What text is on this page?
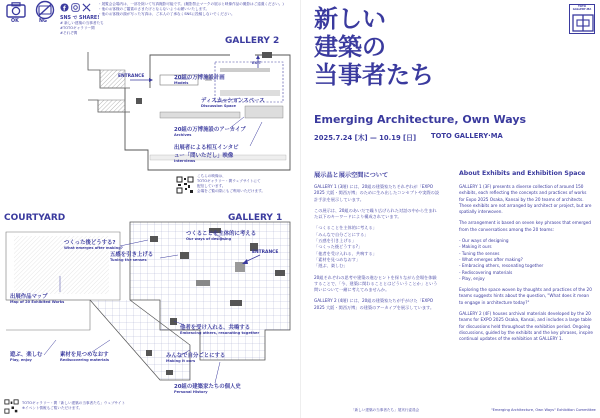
OK	NG
f
SNS で SHARE!
# 新しい建築の当事者たち
#TOTOギャラリー間
#それぞ間
・展覧会会場内は、一部を除いて写真撮影可能です。(撮影禁止マークの展示と映像作品の撮影はご遠慮ください。)
・他のお客様のご鑑賞のさまたげとならないようお願いいたします。
・他のお客様の顔が写った写真は、ご本人の了承なくSNSに投稿しないでください。
GALLERY 2
EXIT
ENTRANCE	20組の万博施設計画
Models
ディスカッションスペース
Discussion Space
20組の万博施設のアーカイブ
Archives
出展者による相互インタビュー「問いただし」映像
Interviews
こちらの映像は、
TOTOギャラリー・間ウェブサイトにて
配信しています。
会場をご覧の際にもご利用いただけます。
COURTYARD	GALLERY 1
ENTRANCE
つくった後どうする?
What emerges after making?
五感を引き上げる
Tuning the senses
つくることを主体的に考える
Our ways of designing
出展作品マップ
Map of 20 Exhibited Works
他者を受け入れる、共鳴する
Embracing others, resonating together
遊ぶ、楽しむ
Play, enjoy
素材を見つめなおす
Rediscovering materials
みんなで自分ごとにする
Making it ours
20組の建築家たちの個人史
Personal History
TOTOギャラリー・間「新しい建築の当事者たち」ウェブサイト
※イベント情報もご覧いただけます。
TOTO GALLERY·MA
新しい
建築の
当事者たち
Emerging Architecture, Own Ways
2025.7.24 [木] — 10.19 [日] TOTO GALLERY·MA
展示品と展示空間について
GALLERY 1 (3階) には、20組の建築家たちそれぞれが「EXPO 2025 大阪・関西万博」のために生み出したコンセプトや実際の設計手法を展示しています。
この展示は、20組のあいだで繰り広げられた対話の中から生まれた以下のキーワードにより構成されています。
「つくることを主体的に考える」
「みんなで自分ごとにする」
「五感を引き上げる」
「つくった後どうする?」
「他者を受け入れる、共鳴する」
「素材を見つめなおす」
「遊ぶ、楽しむ」
20組それぞれの思考や建築の進むヒントを探りながら会場を体験することで、「今、建築に関わることとはどういうことか」という問いについて一緒に考えてみませんか。
GALLERY 2 (4階) には、20組の建築家たちが手がけた「EXPO 2025 大阪・関西万博」の建築のアーカイブを展示しています。
About Exhibits and Exhibition Space
GALLERY 1 (3F) presents a diverse collection of around 150 exhibits, each reflecting the concepts and practices of works for Expo 2025 Osaka, Kansai by the 20 teams of architects. These exhibits are not arranged by architect or project, but are spatially interwoven.
The arrangement is based on seven key phrases that emerged from the conversations among the 20 teams:
- Our ways of designing
- Making it ours
- Tuning the senses
- What emerges after making?
- Embracing others, resonating together
- Rediscovering materials
- Play, enjoy
Exploring the space woven by thoughts and practices of the 20 teams suggests hints about the question, "What does it mean to engage in architecture today?"
GALLERY 2 (4F) houses archival materials developed by the 20 teams for EXPO 2025 Osaka, Kansai, and includes a large table for discussions held throughout the exhibition period. Ongoing discussions, guided by the exhibits and the key phrases, inspire continual updates of the exhibition at GALLERY 1.
「新しい建築の当事者たち」展実行委員会	"Emerging Architecture, Own Ways" Exhibition Committee
